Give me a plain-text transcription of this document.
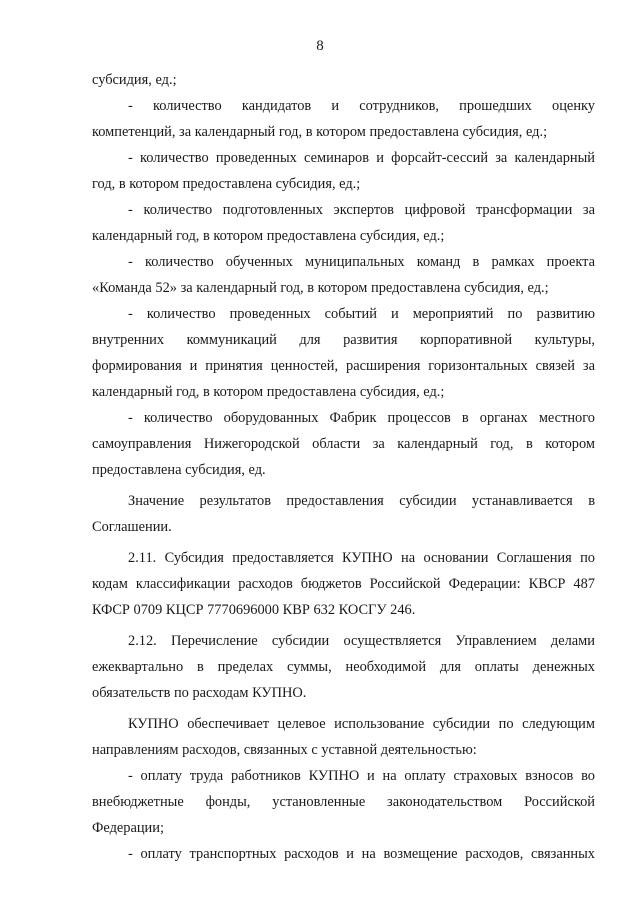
8

субсидия, ед.;

- количество кандидатов и сотрудников, прошедших оценку
компетенций, за календарный год, в котором предоставлена субсидия, ед.;

- количество проведенных семинаров и форсайт-сессий за календарный
год, в котором предоставлена субсидия, ед.;

- количество подготовленных экспертов цифровой трансформации за
календарный год, в котором предоставлена субсидия, ед.;

- количество обученных муниципальных команд в рамках проекта
«Команда 52» за календарный год, в котором предоставлена субсидия, ед.;

- количество проведенных событий и мероприятий по развитию
внутренних коммуникаций для развития корпоративной культуры,
формирования и принятия ценностей, расширения горизонтальных связей за
календарный год, в котором предоставлена субсидия, ед.;

- количество оборудованных Фабрик процессов в органах местного
самоуправления Нижегородской области за календарный год, в котором
предоставлена субсидия, ед.

Значение результатов предоставления субсидии устанавливается в
Соглашении.

2.11. Субсидия предоставляется КУПНО на основании Соглашения по
кодам классификации расходов бюджетов Российской Федерации: КВСР 487
КФСР 0709 КЦСР 7770696000 КВР 632 КОСГУ 246.

2.12. Перечисление субсидии осуществляется Управлением делами
ежеквартально в пределах суммы, необходимой для оплаты денежных
обязательств по расходам КУПНО.

КУПНО обеспечивает целевое использование субсидии по следующим
направлениям расходов, связанных с уставной деятельностью:

- оплату труда работников КУПНО и на оплату страховых взносов во
внебюджетные фонды, установленные законодательством Российской
Федерации;

- оплату транспортных расходов и на возмещение расходов, связанных
